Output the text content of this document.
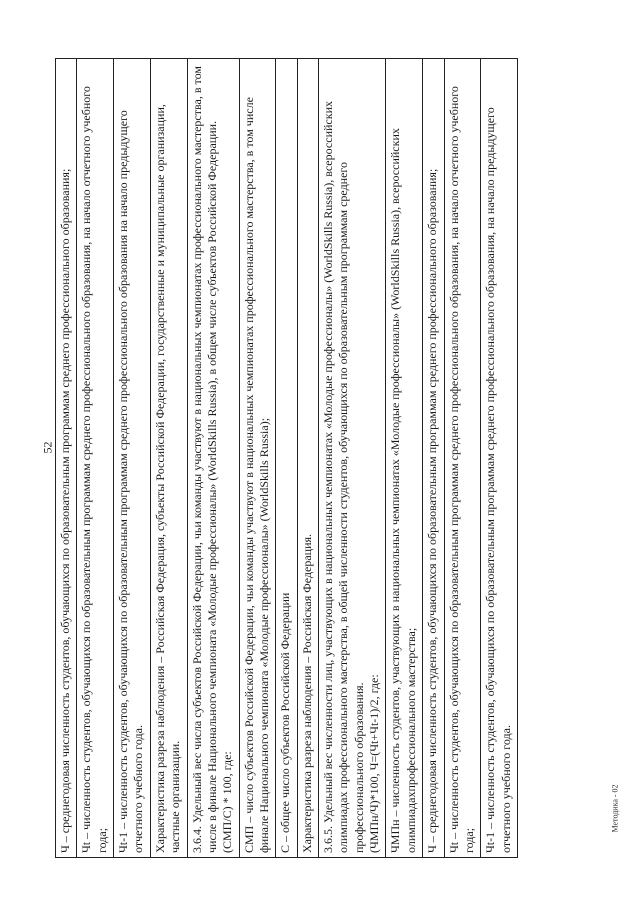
52 Ч – среднегодовая численность студентов, обучающихся по образовательным программам среднего профессионального образования;
Чt – численность студентов, обучающихся по образовательным программам среднего профессионального образования, на начало отчетного учебного года;
Чt-1 – численность студентов, обучающихся по образовательным программам среднего профессионального образования на начало предыдущего отчетного учебного года.
Характеристика разреза наблюдения – Российская Федерация, субъекты Российской Федерации, государственные и муниципальные организации, частные организации.
3.6.4. Удельный вес числа субъектов Российской Федерации, чьи команды участвуют в национальных чемпионатах профессионального мастерства, в том числе в финале Национального чемпионата «Молодые профессионалы» (WorldSkills Russia), в общем числе субъектов Российской Федерации.
(СМП/С) * 100, где:
СМП – число субъектов Российской Федерации, чьи команды участвуют в национальных чемпионатах профессионального мастерства, в том числе финале Национального чемпионата «Молодые профессионалы» (WorldSkills Russia);
С – общее число субъектов Российской Федерации
Характеристика разреза наблюдения – Российская Федерация.
3.6.5. Удельный вес численности лиц, участвующих в национальных чемпионатах «Молодые профессионалы» (WorldSkills Russia), всероссийских олимпиадах профессионального мастерства, в общей численности студентов, обучающихся по образовательным программам среднего профессионального образования.
(ЧМПн/Ч)*100, Ч=(Чt+Чt-1)/2, где:
ЧМПн – численность студентов, участвующих в национальных чемпионатах «Молодые профессионалы» (WorldSkills Russia), всероссийских олимпиадахпрофессионального мастерства;
Ч – среднегодовая численность студентов, обучающихся по образовательным программам среднего профессионального образования;
Чt – численность студентов, обучающихся по образовательным программам среднего профессионального образования, на начало отчетного учебного года;
Чt-1 – численность студентов, обучающихся по образовательным программам среднего профессионального образования, на начало предыдущего отчетного учебного года.	Методика - 02
